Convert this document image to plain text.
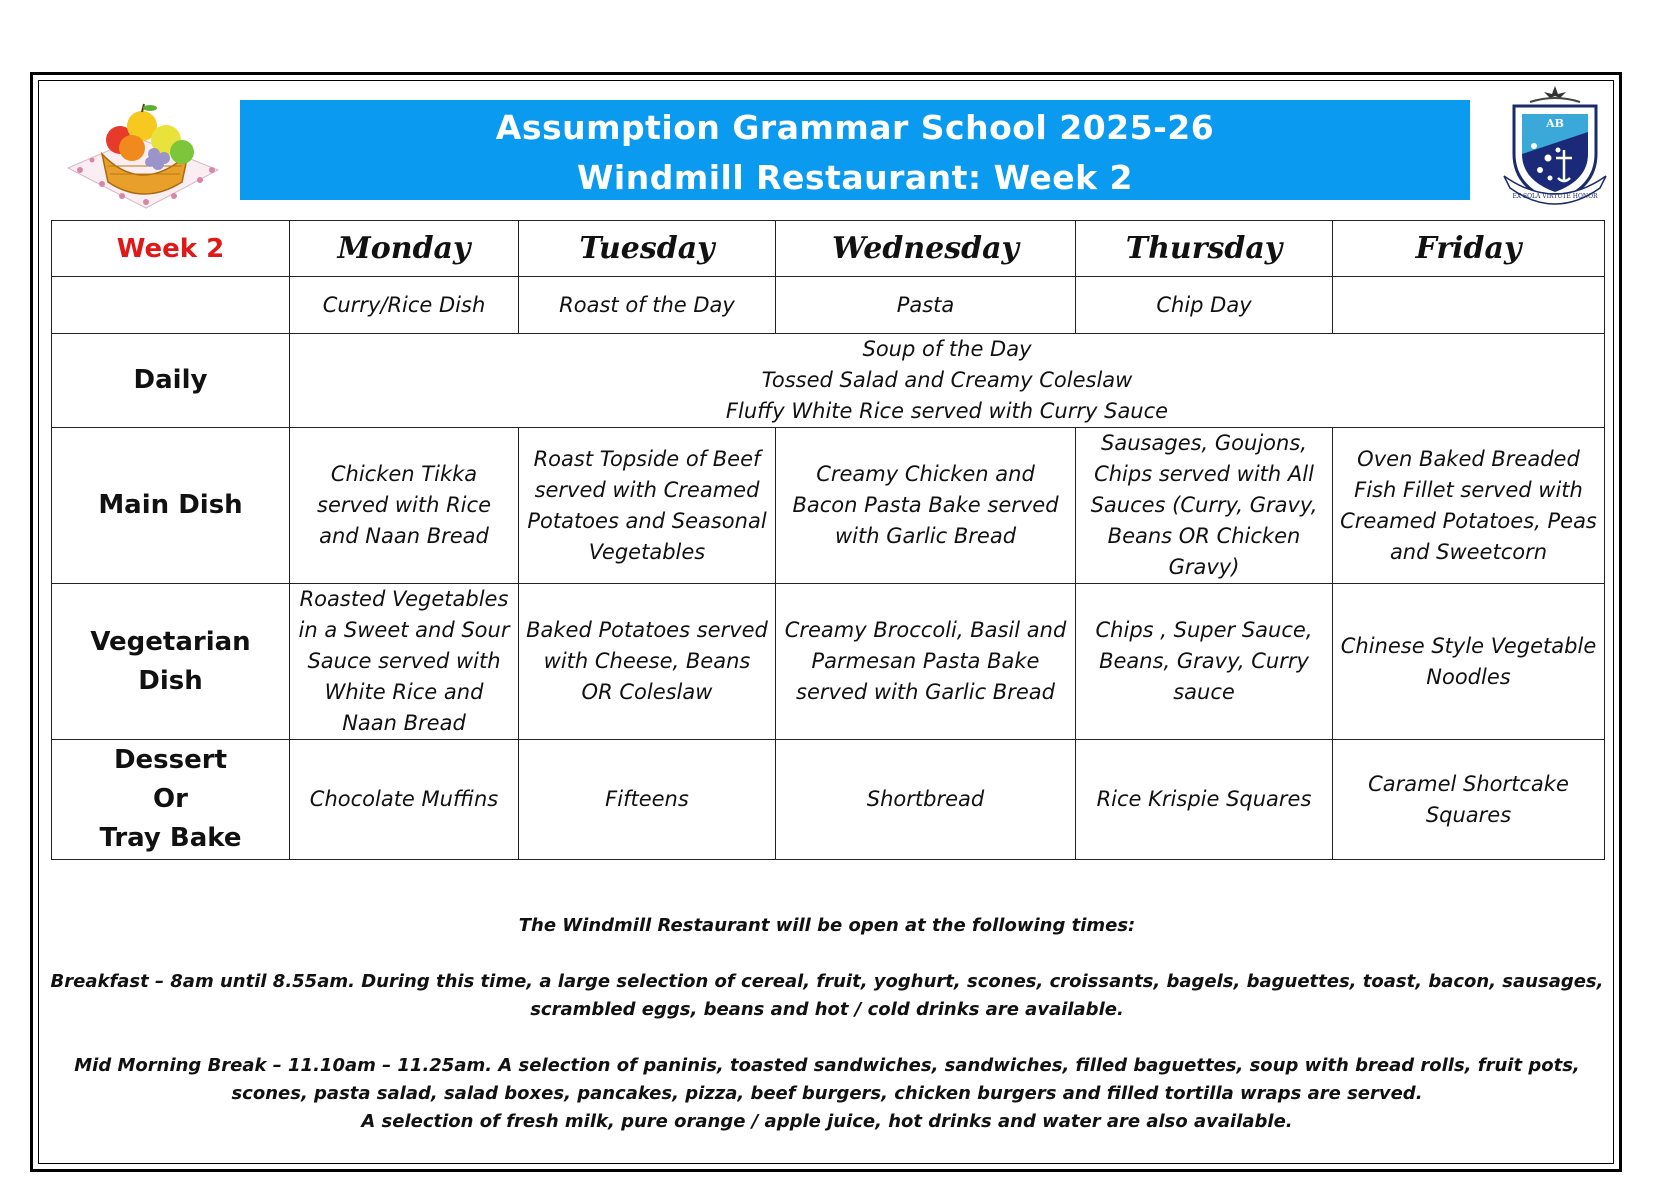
Assumption Grammar School 2025-26
Windmill Restaurant: Week 2
AB
EX SOLA VIRTUTE HONOR
Week 2	Monday	Tuesday	Wednesday	Thursday	Friday
	Curry/Rice Dish	Roast of the Day	Pasta	Chip Day	
Daily	Soup of the Day
Tossed Salad and Creamy Coleslaw
Fluffy White Rice served with Curry Sauce				

Main Dish	Chicken Tikka served with Rice and Naan Bread	Roast Topside of Beef served with Creamed Potatoes and Seasonal Vegetables	Creamy Chicken and Bacon Pasta Bake served with Garlic Bread	Sausages, Goujons, Chips served with All Sauces (Curry, Gravy, Beans OR Chicken Gravy)	Oven Baked Breaded Fish Fillet served with Creamed Potatoes, Peas and Sweetcorn

Vegetarian
Dish	Roasted Vegetables in a Sweet and Sour Sauce served with White Rice and Naan Bread	Baked Potatoes served with Cheese, Beans OR Coleslaw	Creamy Broccoli, Basil and Parmesan Pasta Bake served with Garlic Bread	Chips , Super Sauce, Beans, Gravy, Curry sauce	Chinese Style Vegetable Noodles

Dessert
Or
Tray Bake	Chocolate Muffins	Fifteens	Shortbread	Rice Krispie Squares	Caramel Shortcake Squares
The Windmill Restaurant will be open at the following times:
Breakfast – 8am until 8.55am. During this time, a large selection of cereal, fruit, yoghurt, scones, croissants, bagels, baguettes, toast, bacon, sausages, scrambled eggs, beans and hot / cold drinks are available.
Mid Morning Break – 11.10am – 11.25am. A selection of paninis, toasted sandwiches, sandwiches, filled baguettes, soup with bread rolls, fruit pots, scones, pasta salad, salad boxes, pancakes, pizza, beef burgers, chicken burgers and filled tortilla wraps are served.
A selection of fresh milk, pure orange / apple juice, hot drinks and water are also available.
